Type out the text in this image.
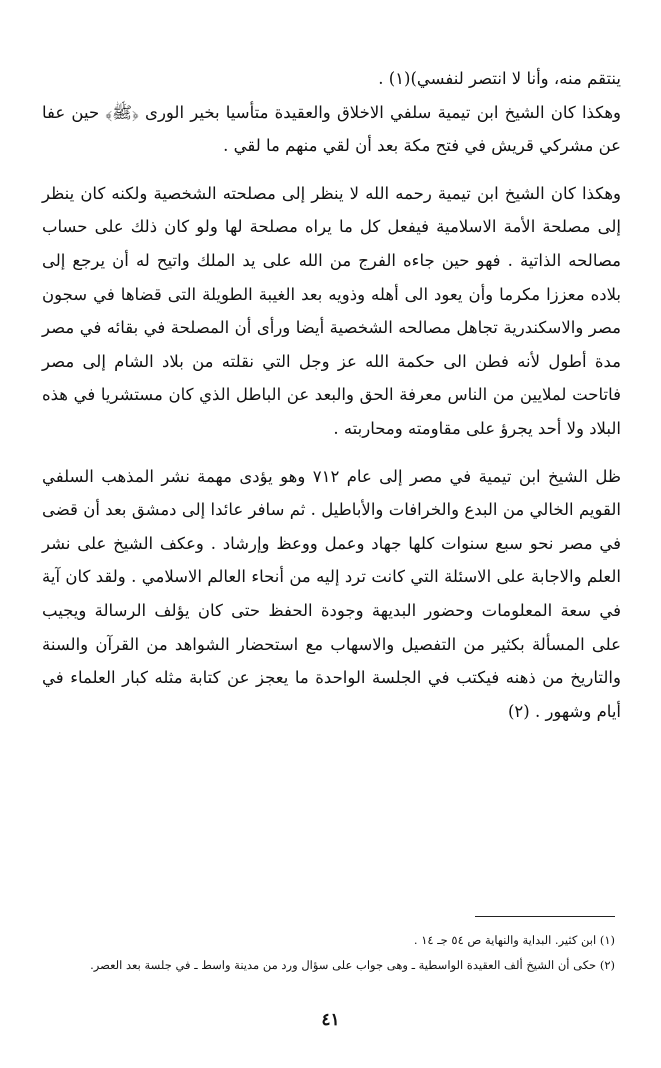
ينتقم منه، وأنا لا انتصر لنفسي)(١) .
وهكذا كان الشيخ ابن تيمية سلفي الاخلاق والعقيدة متأسيا بخير الورى ﴿ﷺ﴾ حين عفا عن مشركي قريش في فتح مكة بعد أن لقي منهم ما لقي .

وهكذا كان الشيخ ابن تيمية رحمه الله لا ينظر إلى مصلحته الشخصية ولكنه كان ينظر إلى مصلحة الأمة الاسلامية فيفعل كل ما يراه مصلحة لها ولو كان ذلك على حساب مصالحه الذاتية . فهو حين جاءه الفرج من الله على يد الملك واتيح له أن يرجع إلى بلاده معززا مكرما وأن يعود الى أهله وذويه بعد الغيبة الطويلة التى قضاها في سجون مصر والاسكندرية تجاهل مصالحه الشخصية أيضا ورأى أن المصلحة في بقائه في مصر مدة أطول لأنه فطن الى حكمة الله عز وجل التي نقلته من بلاد الشام إلى مصر فاتاحت لملايين من الناس معرفة الحق والبعد عن الباطل الذي كان مستشريا في هذه البلاد ولا أحد يجرؤ على مقاومته ومحاربته .

ظل الشيخ ابن تيمية في مصر إلى عام ٧١٢ وهو يؤدى مهمة نشر المذهب السلفي القويم الخالي من البدع والخرافات والأباطيل . ثم سافر عائدا إلى دمشق بعد أن قضى في مصر نحو سبع سنوات كلها جهاد وعمل ووعظ وإرشاد . وعكف الشيخ على نشر العلم والاجابة على الاسئلة التي كانت ترد إليه من أنحاء العالم الاسلامي . ولقد كان آية في سعة المعلومات وحضور البديهة وجودة الحفظ حتى كان يؤلف الرسالة ويجيب على المسألة بكثير من التفصيل والاسهاب مع استحضار الشواهد من القرآن والسنة والتاريخ من ذهنه فيكتب في الجلسة الواحدة ما يعجز عن كتابة مثله كبار العلماء في أيام وشهور . (٢)

(١) ابن كثير. البداية والنهاية ص ٥٤ جـ ١٤ .

(٢) حكى أن الشيخ ألف العقيدة الواسطية ـ وهى جواب على سؤال ورد من مدينة واسط ـ في جلسة بعد العصر.

٤١
